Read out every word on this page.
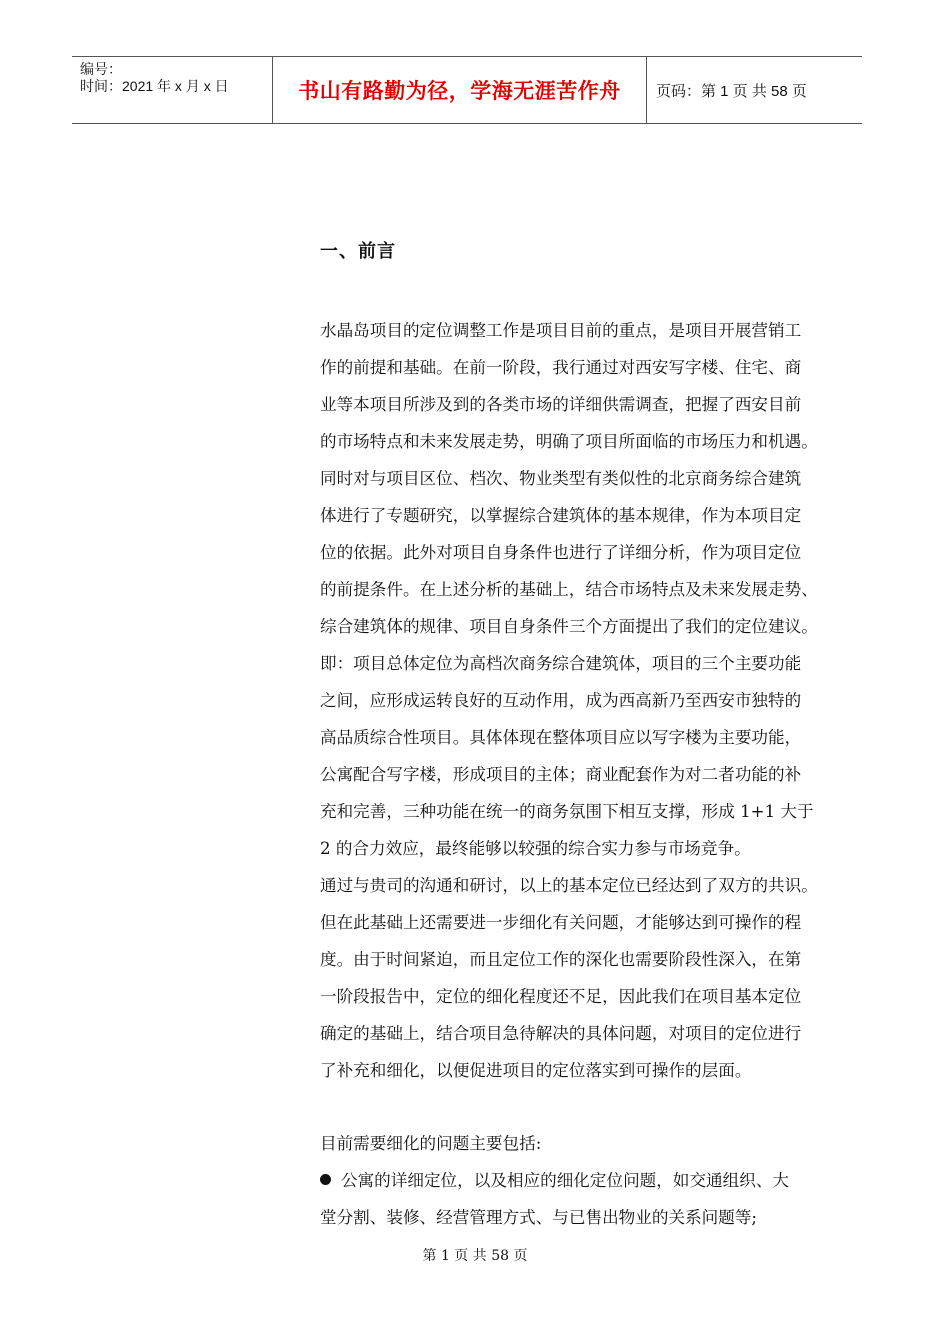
编号：
时间：2021 年 x 月 x 日	书山有路勤为径，学海无涯苦作舟	页码：第 1 页 共 58 页
一、前言

水晶岛项目的定位调整工作是项目目前的重点，是项目开展营销工
作的前提和基础。在前一阶段，我行通过对西安写字楼、住宅、商
业等本项目所涉及到的各类市场的详细供需调查，把握了西安目前
的市场特点和未来发展走势，明确了项目所面临的市场压力和机遇。
同时对与项目区位、档次、物业类型有类似性的北京商务综合建筑
体进行了专题研究，以掌握综合建筑体的基本规律，作为本项目定
位的依据。此外对项目自身条件也进行了详细分析，作为项目定位
的前提条件。在上述分析的基础上，结合市场特点及未来发展走势、
综合建筑体的规律、项目自身条件三个方面提出了我们的定位建议。
即：项目总体定位为高档次商务综合建筑体，项目的三个主要功能
之间，应形成运转良好的互动作用，成为西高新乃至西安市独特的
高品质综合性项目。具体体现在整体项目应以写字楼为主要功能，
公寓配合写字楼，形成项目的主体；商业配套作为对二者功能的补
充和完善，三种功能在统一的商务氛围下相互支撑，形成 1+1 大于
2 的合力效应，最终能够以较强的综合实力参与市场竞争。

通过与贵司的沟通和研讨，以上的基本定位已经达到了双方的共识。
但在此基础上还需要进一步细化有关问题，才能够达到可操作的程
度。由于时间紧迫，而且定位工作的深化也需要阶段性深入，在第
一阶段报告中，定位的细化程度还不足，因此我们在项目基本定位
确定的基础上，结合项目急待解决的具体问题，对项目的定位进行
了补充和细化，以便促进项目的定位落实到可操作的层面。

目前需要细化的问题主要包括:
公寓的详细定位，以及相应的细化定位问题，如交通组织、大
堂分割、装修、经营管理方式、与已售出物业的关系问题等;

第 1 页 共 58 页
